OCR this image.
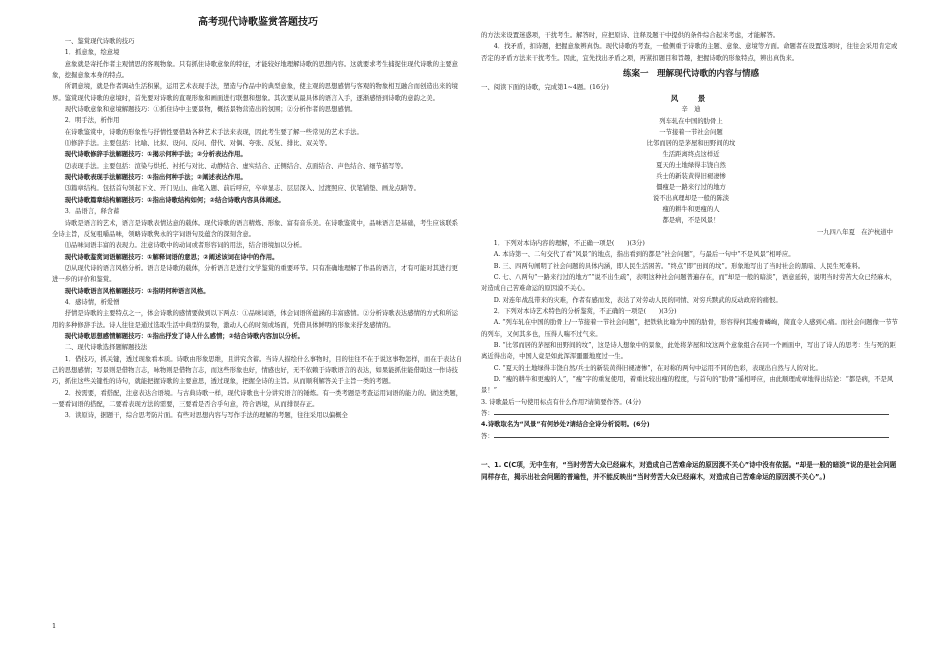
高考现代诗歌鉴赏答题技巧

一、鉴赏现代诗歌的技巧

1．抓意象，绘意境

意象就是寄托作者主观情思的客观物象。只有抓住诗歌意象的特征，才能较好地理解诗歌的思想内容。这就要求考生捕捉住现代诗歌的主要意象，挖掘意象本身的特点。

所谓意境，就是作者调动生活积累，运用艺术表现手法，塑造与作品中的典型意象，使主观的思想感情与客观的物象相互融合而创造出来的境界。鉴赏现代诗歌的意境时，首先要对诗歌的直观形象和画面进行联想和想象。其次要从最具体的语言入手，逐渐感悟到诗歌的意韵之美。

现代诗歌意象和意境解题技巧：①抓住诗中主要景物，概括景物营造出的氛围；②分析作者的思想感情。

2．明手法，析作用

在诗歌鉴赏中，诗歌的形象性与抒情性要借助各种艺术手法来表现，因此考生要了解一些常见的艺术手法。

⑴修辞手法。主要包括：比喻、比拟、设问、反问、借代、对偶、夸张、反复、排比、双关等。

现代诗歌修辞手法解题技巧：①揭示何种手法；②分析表达作用。

⑵表现手法。主要包括：渲染与烘托、衬托与对比、动静结合、虚实结合、正侧结合、点面结合、声色结合、细节描写等。

现代诗歌表现手法解题技巧：①指出何种手法；②阐述表达作用。

⑶篇章结构。包括首句领起下文、开门见山、曲笔入题、前后呼应，卒章显志、层层深入、过渡照应、伏笔铺垫、画龙点睛等。

现代诗歌篇章结构解题技巧：①指出诗歌结构如何；②结合诗歌内容具体阐述。

3．品语言，释含蓄

诗歌是语言的艺术，语言是诗歌表情达意的载体。现代诗歌的语言精炼、形象、富有音乐美。在诗歌鉴赏中，品味语言是基础，考生应该联系全诗主旨，反复咀嚼品味，领略诗歌隽永的字词语句及蕴含的深刻含意。

⑴品味词语丰富的表现力。注意诗歌中的动词或者形容词的用法，结合语境加以分析。

现代诗歌鉴赏词语解题技巧：①解释词语的意思；②阐述该词在诗中的作用。

⑵从现代诗的语言风格分析。语言是诗歌的载体，分析语言是进行文学鉴赏的重要环节。只有准确地理解了作品的语言，才有可能对其进行更进一步的评价和鉴赏。

现代诗歌语言风格解题技巧：①指明何种语言风格。

4．感诗情，析爱憎

抒情是诗歌的主要特点之一，体会诗歌的感情要做到以下两点：①品味词语，体会词语所蕴涵的丰富感情。②分析诗歌表达感情的方式和所运用的多种修辞手法。诗人往往是通过选取生活中典型的景物，激动人心的时刻或场面，凭借具体鲜明的形象来抒发感情的。

现代诗歌思想感情解题技巧：①指出抒发了诗人什么感情；②结合诗歌内容加以分析。

二、现代诗歌选择题解题技法

1．借技巧，抓关键，透过现象看本质。诗歌由形象思维，且讲究含蓄。当诗人描绘什么事物时，目的往往不在于说这事物怎样，而在于表达自己的思想感情；写景则是借物言志，咏物则是借物言志，而这些形象也好，情感也好，无不依赖于诗歌语言的表达，如果能抓住能借助这一作诗技巧，抓住这些关键性的诗句，就能把握诗歌的主要意思，透过现象，把握全诗的主旨。从而顺利解答关于主旨一类的考题。

2．按需要，看搭配，注意表达合语境。与古典诗歌一样，现代诗歌也十分讲究语言的锤炼。有一类考题是考查运用词语的能力的。做这类题，一要看词语的搭配，二要看表现方法的需要，三要看是否合乎句意，符合语境，从而排误存正。

3．读原诗，据题干，综合思考防片面。有些对思想内容与写作手法的理解的考题，往往采用以偏概全

的方法来设置迷惑项，干扰考生。解答时，应把原诗、注释及题干中提供的条件综合起来考虑，才能解答。

4．找矛盾，扣诗题，把握意象辨真伪。现代诗歌的考查，一般侧重于诗歌的主题、意象、意境等方面。命题者在设置选项时，往往会采用肯定或否定的矛盾方法来干扰考生。因此，宜先找出矛盾之项，再紧扣题目和旨趣，把握诗歌的形象特点，辨出真伪来。

练案一　理解现代诗歌的内容与情感

一、阅读下面的诗歌，完成第1~4题。(16分)

风　景
辛　迪
列车轧在中国的肋骨上
一节接着一节社会问题
比邻而居的是茅屋和田野间的坟
生活距离终点这样近
夏天的土地绿得丰饶自然
兵士的新装黄得旧褪凄惨
僵瘦是一路来行过的地方
说不出真理却是一般的陈淡
瘦的耕牛和更瘦的人
都是病，不是风景！
一九四八年夏　在沪杭道中

1．下列对本诗内容的理解，不正确一项是(　　)(3分)

A. 本诗第一、二句交代了看“风景”的地点，指出看到的都是“社会问题”，与最后一句中“不是风景”相呼应。

B. 三、四两句阐明了社会问题的具体内涵，即人民生活困苦。“终点”即“田间的坟”。形象地写出了当时社会的黑暗、人民生死难料。

C. 七、八两句“一路来行过的地方”“说不出生疏”，表明这种社会问题普遍存在，而“却是一般的暗淡”，语意延转，说明当时劳苦大众已经麻木，对造成自己苦难命运的原因漠不关心。

D. 对连年战乱带来的灾难，作者有感而发，表达了对劳动人民的同情、对穷兵黩武的反动政府的痛恨。

2．下列对本诗艺术特色的分析鉴赏，不正确的一项是(　　)(3分)

A. “列车轧在中国的肋骨上/一节接着一节社会问题”，把铁轨比喻为中国的肋骨，形容得何其瘦骨嶙峋，简直令人感到心痛。而社会问题像一节节的列车，又何其多也，压得人喘不过气来。

B. “比邻而居的茅屋和田野间的坟”，这是诗人想象中的景象，此处将茅屋和坟这两个意象组合在同一个画面中，写出了诗人的思考：生与死的距离近得出奇，中国人竟是如此浑浑噩噩地度过一生。

C. “夏天的土地绿得丰饶自然/兵士的新装黄得旧褪凄惨”，在对称的两句中运用不同的色彩，表现出自然与人的对比。

D. “瘦的耕牛和更瘦的人”，“瘦”字的重复使用，着重比较出瘦的程度，与首句的“肋骨”遥相呼应，由此顺理成章地得出结论：“都是病，不是风景！”

3. 诗歌最后一句使用标点有什么作用?请简要作答。(4分)

答：

4.诗歌取名为“风景”有何妙处?请结合全诗分析说明。(6分)

答：

一、1. C(C项，无中生有，“当时劳苦大众已经麻木，对造成自己苦难命运的原因漠不关心”诗中没有依据。“却是一般的暗淡”说的是社会问题同样存在，揭示出社会问题的普遍性，并不能反映出“当时劳苦大众已经麻木，对造成自己苦难命运的原因漠不关心”。)
1
